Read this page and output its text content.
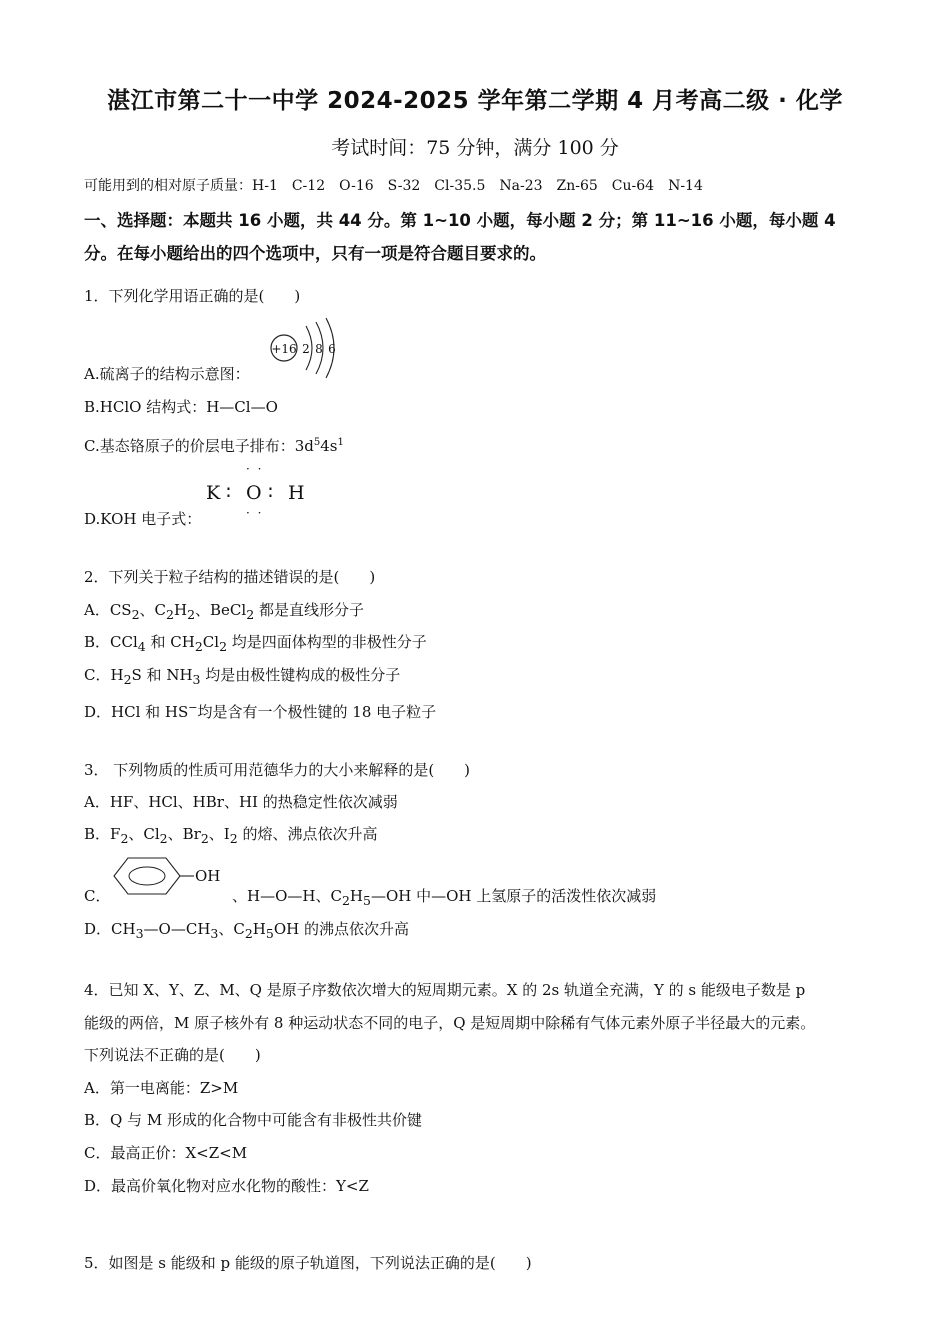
湛江市第二十一中学 2024-2025 学年第二学期 4 月考高二级 · 化学
考试时间：75 分钟，满分 100 分
可能用到的相对原子质量：H-1　C-12　O-16　S-32　Cl-35.5　Na-23　Zn-65　Cu-64　N-14
一、选择题：本题共 16 小题，共 44 分。第 1~10 小题，每小题 2 分；第 11~16 小题，每小题 4 分。在每小题给出的四个选项中，只有一项是符合题目要求的。
1．下列化学用语正确的是(　　)
+16 2 8 6
A.硫离子的结构示意图：
B.HClO 结构式：H—Cl—O
C.基态铬原子的价层电子排布：$3d^54s^1$
· ·
K ∶ O ∶ H
· ·
D.KOH 电子式：
2．下列关于粒子结构的描述错误的是(　　)
A．$CS_2$、$C_2H_2$、BeCl$_2$ 都是直线形分子
B．CCl$_4$ 和 $CH_2Cl_2$ 均是四面体构型的非极性分子
C．$H_2S$ 和 $NH_3$ 均是由极性键构成的极性分子
D．HCl 和 HS−均是含有一个极性键的 18 电子粒子
3． 下列物质的性质可用范德华力的大小来解释的是(　　)
A．HF、HCl、HBr、HI 的热稳定性依次减弱
B．$F_2$、$Cl_2$、$Br_2$、$I_2$ 的熔、沸点依次升高
OH
C．	、H—O—H、$C_2H_5—OH$ 中—OH 上氢原子的活泼性依次减弱
D．$CH_3—O—CH_3$、$C_2H_5OH$ 的沸点依次升高
4．已知 X、Y、Z、M、Q 是原子序数依次增大的短周期元素。X 的 2s 轨道全充满，Y 的 s 能级电子数是 p
能级的两倍，M 原子核外有 8 种运动状态不同的电子，Q 是短周期中除稀有气体元素外原子半径最大的元素。
下列说法不正确的是(　　)
A．第一电离能：Z>M
B．Q 与 M 形成的化合物中可能含有非极性共价键
C．最高正价：X<Z<M
D．最高价氧化物对应水化物的酸性：Y<Z
5．如图是 s 能级和 p 能级的原子轨道图，下列说法正确的是(　　)
